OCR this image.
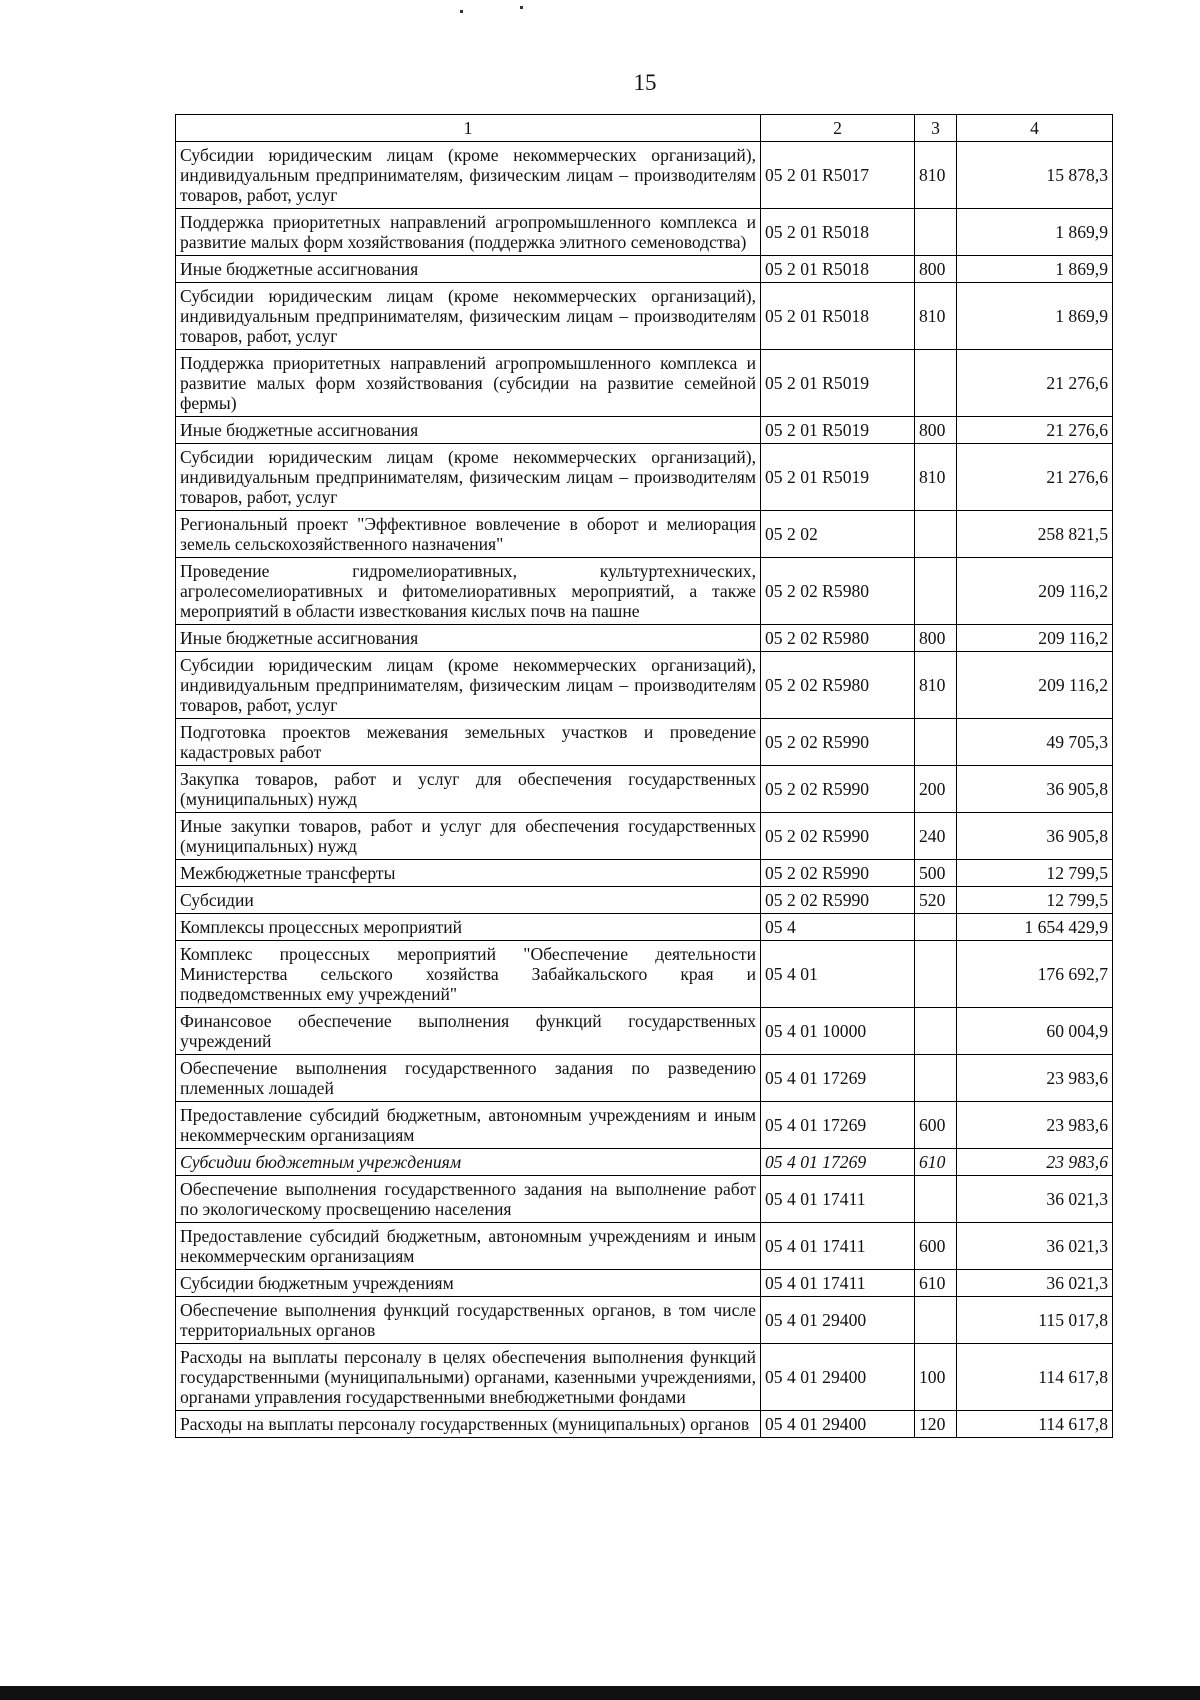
15
1	2	3	4
Субсидии юридическим лицам (кроме некоммерческих организаций), индивидуальным предпринимателям, физическим лицам – производителям товаров, работ, услуг	05 2 01 R5017	810	15 878,3
Поддержка приоритетных направлений агропромышленного комплекса и развитие малых форм хозяйствования (поддержка элитного семеноводства)	05 2 01 R5018		1 869,9
Иные бюджетные ассигнования	05 2 01 R5018	800	1 869,9
Субсидии юридическим лицам (кроме некоммерческих организаций), индивидуальным предпринимателям, физическим лицам – производителям товаров, работ, услуг	05 2 01 R5018	810	1 869,9
Поддержка приоритетных направлений агропромышленного комплекса и развитие малых форм хозяйствования (субсидии на развитие семейной фермы)	05 2 01 R5019		21 276,6
Иные бюджетные ассигнования	05 2 01 R5019	800	21 276,6
Субсидии юридическим лицам (кроме некоммерческих организаций), индивидуальным предпринимателям, физическим лицам – производителям товаров, работ, услуг	05 2 01 R5019	810	21 276,6
Региональный проект "Эффективное вовлечение в оборот и мелиорация земель сельскохозяйственного назначения"	05 2 02		258 821,5
Проведение гидромелиоративных, культуртехнических, агролесомелиоративных и фитомелиоративных мероприятий, а также мероприятий в области известкования кислых почв на пашне	05 2 02 R5980		209 116,2
Иные бюджетные ассигнования	05 2 02 R5980	800	209 116,2
Субсидии юридическим лицам (кроме некоммерческих организаций), индивидуальным предпринимателям, физическим лицам – производителям товаров, работ, услуг	05 2 02 R5980	810	209 116,2
Подготовка проектов межевания земельных участков и проведение кадастровых работ	05 2 02 R5990		49 705,3
Закупка товаров, работ и услуг для обеспечения государственных (муниципальных) нужд	05 2 02 R5990	200	36 905,8
Иные закупки товаров, работ и услуг для обеспечения государственных (муниципальных) нужд	05 2 02 R5990	240	36 905,8
Межбюджетные трансферты	05 2 02 R5990	500	12 799,5
Субсидии	05 2 02 R5990	520	12 799,5
Комплексы процессных мероприятий	05 4		1 654 429,9
Комплекс процессных мероприятий "Обеспечение деятельности Министерства сельского хозяйства Забайкальского края и подведомственных ему учреждений"	05 4 01		176 692,7
Финансовое обеспечение выполнения функций государственных учреждений	05 4 01 10000		60 004,9
Обеспечение выполнения государственного задания по разведению племенных лошадей	05 4 01 17269		23 983,6
Предоставление субсидий бюджетным, автономным учреждениям и иным некоммерческим организациям	05 4 01 17269	600	23 983,6
Субсидии бюджетным учреждениям	05 4 01 17269	610	23 983,6
Обеспечение выполнения государственного задания на выполнение работ по экологическому просвещению населения	05 4 01 17411		36 021,3
Предоставление субсидий бюджетным, автономным учреждениям и иным некоммерческим организациям	05 4 01 17411	600	36 021,3
Субсидии бюджетным учреждениям	05 4 01 17411	610	36 021,3
Обеспечение выполнения функций государственных органов, в том числе территориальных органов	05 4 01 29400		115 017,8
Расходы на выплаты персоналу в целях обеспечения выполнения функций государственными (муниципальными) органами, казенными учреждениями, органами управления государственными внебюджетными фондами	05 4 01 29400	100	114 617,8
Расходы на выплаты персоналу государственных (муниципальных) органов	05 4 01 29400	120	114 617,8
